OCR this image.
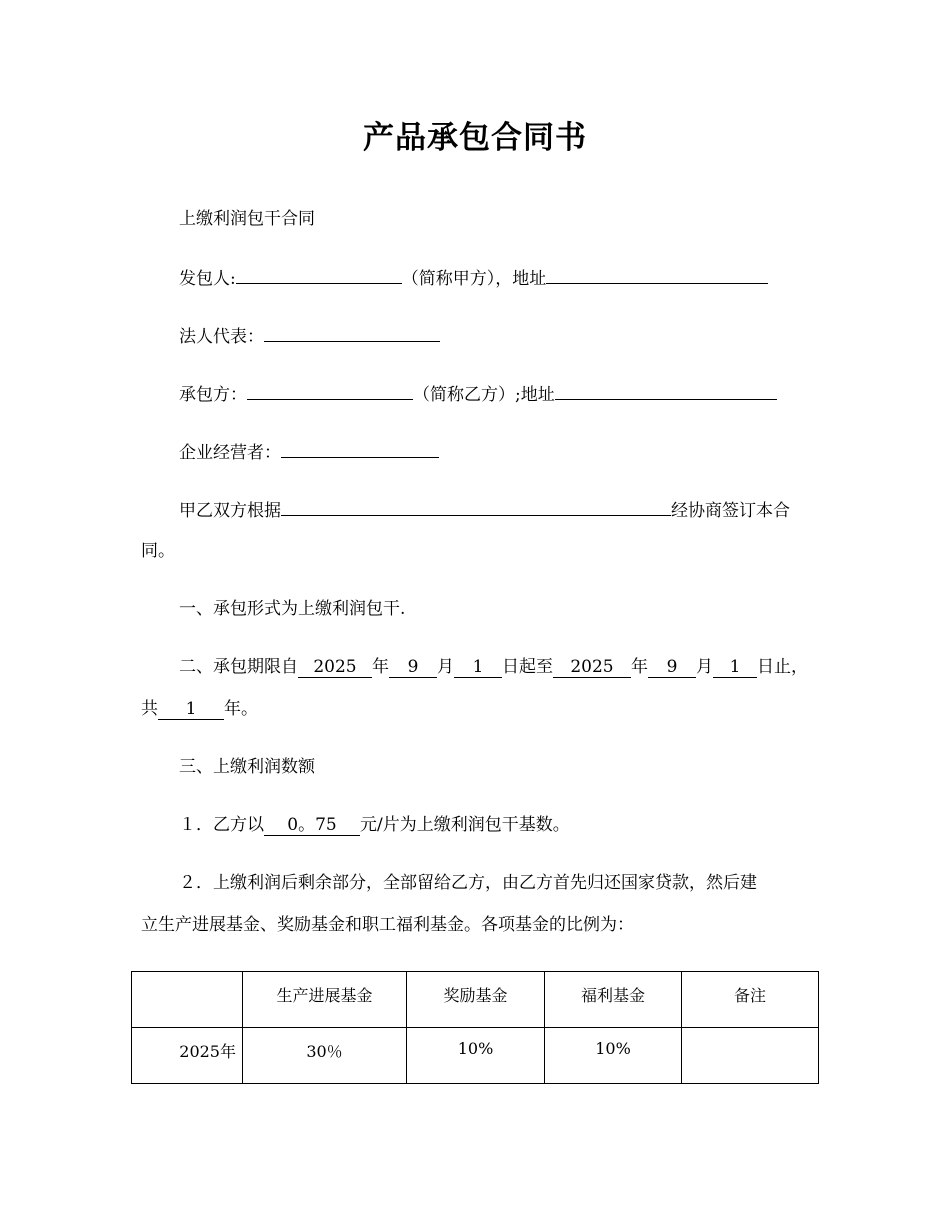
产品承包合同书
上缴利润包干合同
发包人:	（简称甲方），地址
法人代表：
承包方：	（简称乙方）;地址
企业经营者：
甲乙双方根据	经协商签订本合
同。
一、承包形式为上缴利润包干.
二、承包期限自 2025 年 9 月 1 日起至 2025 年 9 月 1 日止，
共 1 年。
三、上缴利润数额
１．乙方以 0。75 元/片为上缴利润包干基数。
２．上缴利润后剩余部分，全部留给乙方，由乙方首先归还国家贷款，然后建
立生产进展基金、奖励基金和职工福利基金。各项基金的比例为：

	生产进展基金	奖励基金	福利基金	备注

2025年	30％	10%	10%	
